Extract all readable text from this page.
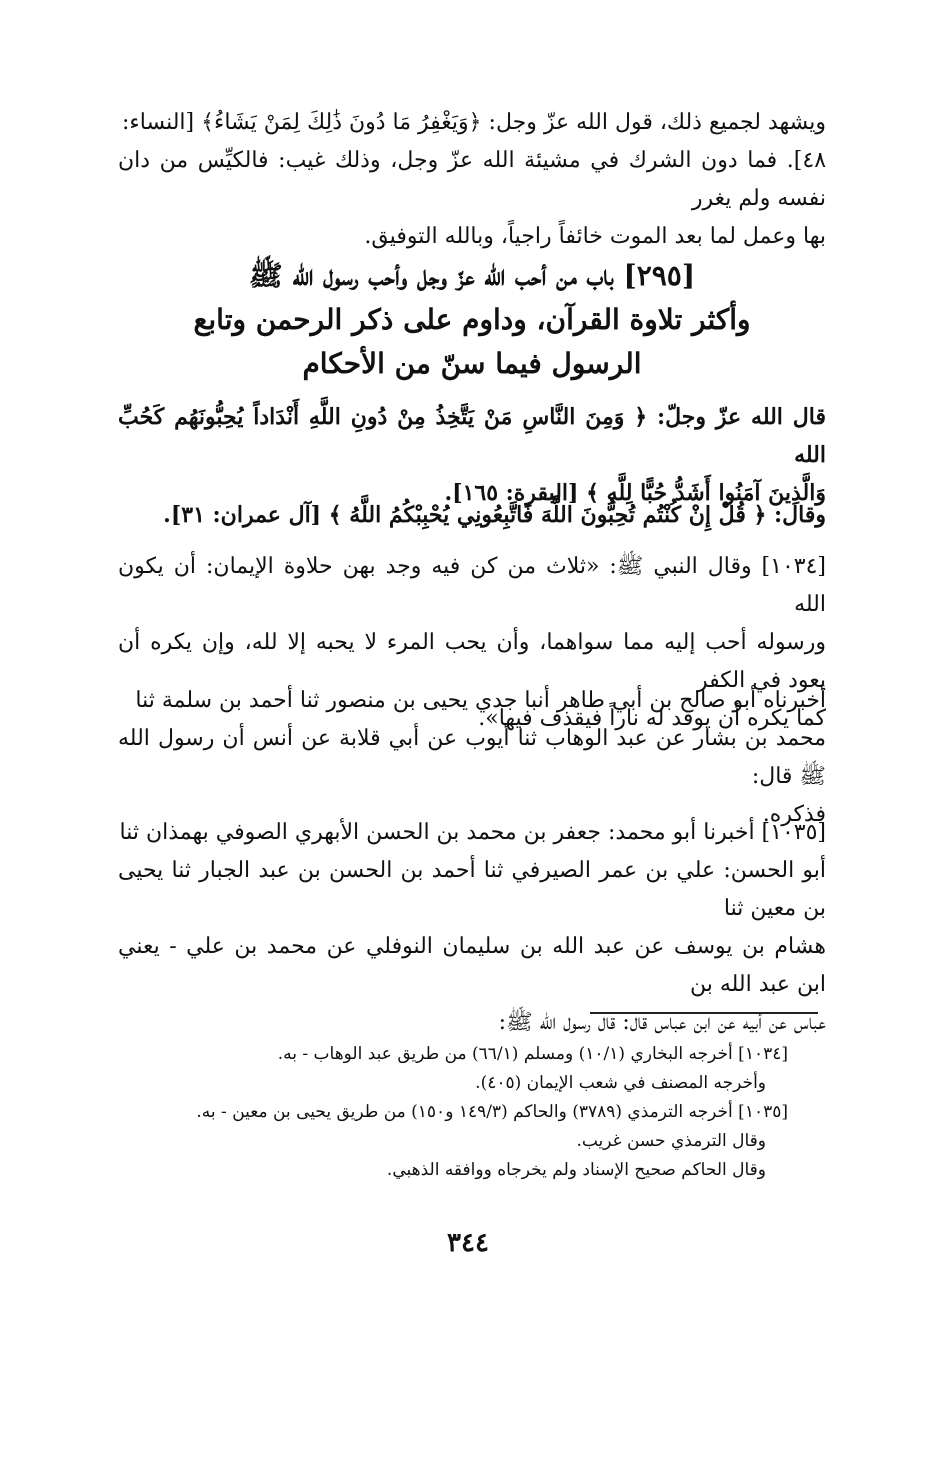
ويشهد لجميع ذلك، قول الله عزّ وجل: ﴿وَيَغْفِرُ مَا دُونَ ذَٰلِكَ لِمَنْ يَشَاءُ﴾ [النساء:
٤٨]. فما دون الشرك في مشيئة الله عزّ وجل، وذلك غيب: فالكيِّس من دان نفسه ولم يغرر
بها وعمل لما بعد الموت خائفاً راجياً، وبالله التوفيق.
[٢٩٥] باب من أحب الله عزّ وجل وأحب رسول الله ﷺ
وأكثر تلاوة القرآن، وداوم على ذكر الرحمن وتابع
الرسول فيما سنّ من الأحكام
قال الله عزّ وجلّ: ﴿ وَمِنَ النَّاسِ مَنْ يَتَّخِذُ مِنْ دُونِ اللَّهِ أَنْدَاداً يُحِبُّونَهُم كَحُبِّ الله
وَالَّذِينَ آمَنُوا أَشَدُّ حُبًّا لِلَّهِ ﴾ [البقرة: ١٦٥].
وقال: ﴿ قُلْ إِنْ كُنْتُم تُحِبُّونَ اللَّهَ فَاتَّبِعُونِي يُحْبِبْكُمُ اللَّهُ ﴾ [آل عمران: ٣١].
[١٠٣٤] وقال النبي ﷺ: «ثلاث من كن فيه وجد بهن حلاوة الإيمان: أن يكون الله
ورسوله أحب إليه مما سواهما، وأن يحب المرء لا يحبه إلا لله، وإن يكره أن يعود في الكفر
كما يكره أن يوقد له ناراً فيقذف فيها».
أخبرناه أبو صالح بن أبي طاهر أنبا جدي يحيى بن منصور ثنا أحمد بن سلمة ثنا
محمد بن بشار عن عبد الوهاب ثنا أيوب عن أبي قلابة عن أنس أن رسول الله ﷺ قال:
فذكره.
[١٠٣٥] أخبرنا أبو محمد: جعفر بن محمد بن الحسن الأبهري الصوفي بهمذان ثنا
أبو الحسن: علي بن عمر الصيرفي ثنا أحمد بن الحسن بن عبد الجبار ثنا يحيى بن معين ثنا
هشام بن يوسف عن عبد الله بن سليمان النوفلي عن محمد بن علي - يعني ابن عبد الله بن
عباس عن أبيه عن ابن عباس قال: قال رسول الله ﷺ:
[١٠٣٤] أخرجه البخاري (١٠/١) ومسلم (٦٦/١) من طريق عبد الوهاب - به.
وأخرجه المصنف في شعب الإيمان (٤٠٥).
[١٠٣٥] أخرجه الترمذي (٣٧٨٩) والحاكم (١٤٩/٣ و١٥٠) من طريق يحيى بن معين - به.
وقال الترمذي حسن غريب.
وقال الحاكم صحيح الإسناد ولم يخرجاه ووافقه الذهبي.
٣٤٤
